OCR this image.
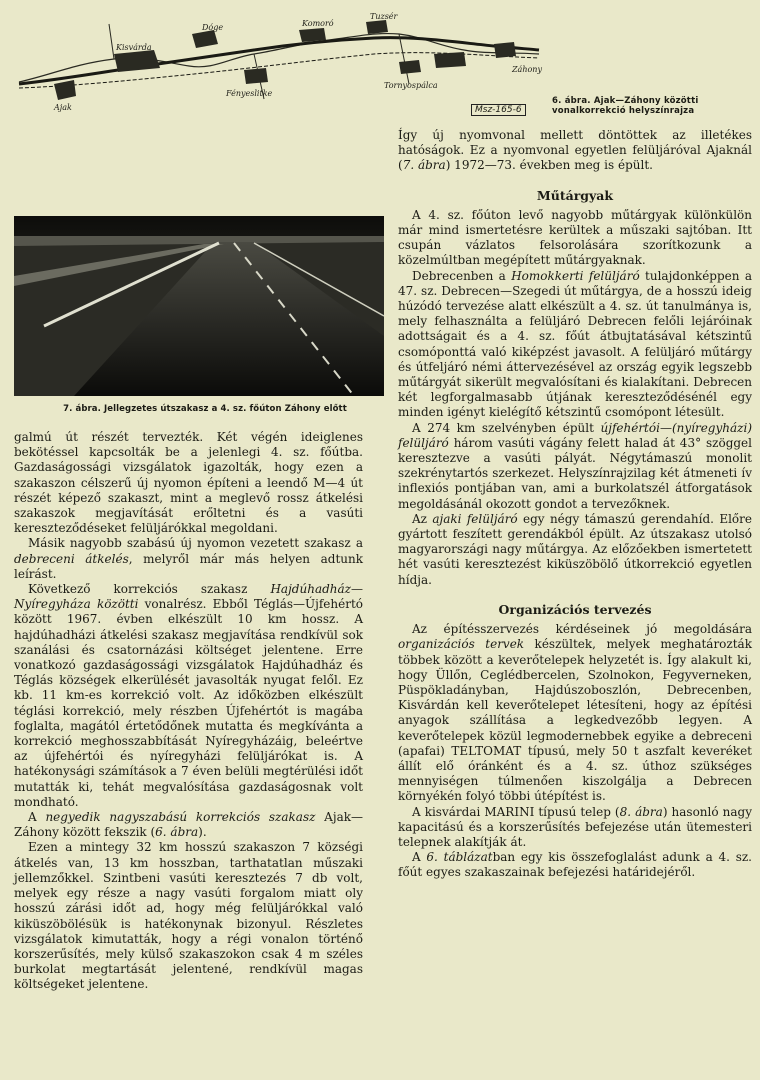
Ajak
Kisvárda
Dóge	Komoró
Tuzsér
Fényeslitke
Tornyospálca
Záhony
Msz-165-6
6. ábra. Ajak—Záhony közötti vonalkorrekció helyszínrajza
7. ábra. Jellegzetes útszakasz a 4. sz. főúton Záhony előtt

galmú út részét tervezték. Két végén ideiglenes bekötéssel kapcsolták be a jelenlegi 4. sz. főútba. Gazdaságossági vizsgálatok igazolták, hogy ezen a szakaszon célszerű új nyomon építeni a leendő M—4 út részét képező szakaszt, mint a meglevő rossz átkelési szakaszok megjavítását erőltetni és a vasúti kereszteződéseket felüljárókkal megoldani.

Másik nagyobb szabású új nyomon vezetett szakasz a debreceni átkelés, melyről már más helyen adtunk leírást.

Következő korrekciós szakasz Hajdúhadház—Nyíregyháza közötti vonalrész. Ebből Téglás—Újfehértó között 1967. évben elkészült 10 km hossz. A hajdúhadházi átkelési szakasz megjavítása rendkívül sok szanálási és csatornázási költséget jelentene. Erre vonatkozó gazdaságossági vizsgálatok Hajdúhadház és Téglás községek elkerülését javasolták nyugat felől. Ez kb. 11 km-es korrekció volt. Az időközben elkészült téglási korrekció, mely részben Újfehértót is magába foglalta, magától értetődőnek mutatta és megkívánta a korrekció meghosszabbítását Nyíregyházáig, beleértve az újfehértói és nyíregyházi felüljárókat is. A hatékonysági számítások a 7 éven belüli megtérülési időt mutatták ki, tehát megvalósítása gazdaságosnak volt mondható.

A negyedik nagyszabású korrekciós szakasz Ajak—Záhony között fekszik (6. ábra).

Ezen a mintegy 32 km hosszú szakaszon 7 községi átkelés van, 13 km hosszban, tarthatatlan műszaki jellemzőkkel. Szintbeni vasúti keresztezés 7 db volt, melyek egy része a nagy vasúti forgalom miatt oly hosszú zárási időt ad, hogy még felüljárókkal való kiküszöbölésük is hatékonynak bizonyul. Részletes vizsgálatok kimutatták, hogy a régi vonalon történő korszerűsítés, mely külső szakaszokon csak 4 m széles burkolat megtartását jelentené, rendkívül magas költségeket jelentene.

Így új nyomvonal mellett döntöttek az illetékes hatóságok. Ez a nyomvonal egyetlen felüljáróval Ajaknál (7. ábra) 1972—73. években meg is épült.

Műtárgyak

A 4. sz. főúton levő nagyobb műtárgyak különkülön már mind ismertetésre kerültek a műszaki sajtóban. Itt csupán vázlatos felsorolására szorítkozunk a közelmúltban megépített műtárgyaknak.

Debrecenben a Homokkerti felüljáró tulajdonképpen a 47. sz. Debrecen—Szegedi út műtárgya, de a hosszú ideig húzódó tervezése alatt elkészült a 4. sz. út tanulmánya is, mely felhasználta a felüljáró Debrecen felőli lejáróinak adottságait és a 4. sz. főút átbujtatásával kétszintű csomóponttá való kiképzést javasolt. A felüljáró műtárgy és útfeljáró némi áttervezésével az ország egyik legszebb műtárgyát sikerült megvalósítani és kialakítani. Debrecen két legforgalmasabb útjának kereszteződésénél egy minden igényt kielégítő kétszintű csomópont létesült.

A 274 km szelvényben épült újfehértói—(nyíregyházi) felüljáró három vasúti vágány felett halad át 43° szöggel keresztezve a vasúti pályát. Négytámaszú monolit szekrénytartós szerkezet. Helyszínrajzilag két átmeneti ív inflexiós pontjában van, ami a burkolatszél átforgatások megoldásánál okozott gondot a tervezőknek.

Az ajaki felüljáró egy négy támaszú gerendahíd. Előre gyártott feszített gerendákból épült. Az útszakasz utolsó magyarországi nagy műtárgya. Az előzőekben ismertetett hét vasúti keresztezést kiküszöbölő útkorrekció egyetlen hídja.

Organizációs tervezés

Az építésszervezés kérdéseinek jó megoldására organizációs tervek készültek, melyek meghatározták többek között a keverőtelepek helyzetét is. Így alakult ki, hogy Üllőn, Ceglédbercelen, Szolnokon, Fegyverneken, Püspökladányban, Hajdúszoboszlón, Debrecenben, Kisvárdán kell keverőtelepet létesíteni, hogy az építési anyagok szállítása a legkedvezőbb legyen. A keverőtelepek közül legmodernebbek egyike a debreceni (apafai) TELTOMAT típusú, mely 50 t aszfalt keveréket állít elő óránként és a 4. sz. úthoz szükséges mennyiségen túlmenően kiszolgálja a Debrecen környékén folyó többi útépítést is.

A kisvárdai MARINI típusú telep (8. ábra) hasonló nagy kapacitású és a korszerűsítés befejezése után ütemesteri telepnek alakítják át.

A 6. táblázatban egy kis összefoglalást adunk a 4. sz. főút egyes szakaszainak befejezési határidejéről.
